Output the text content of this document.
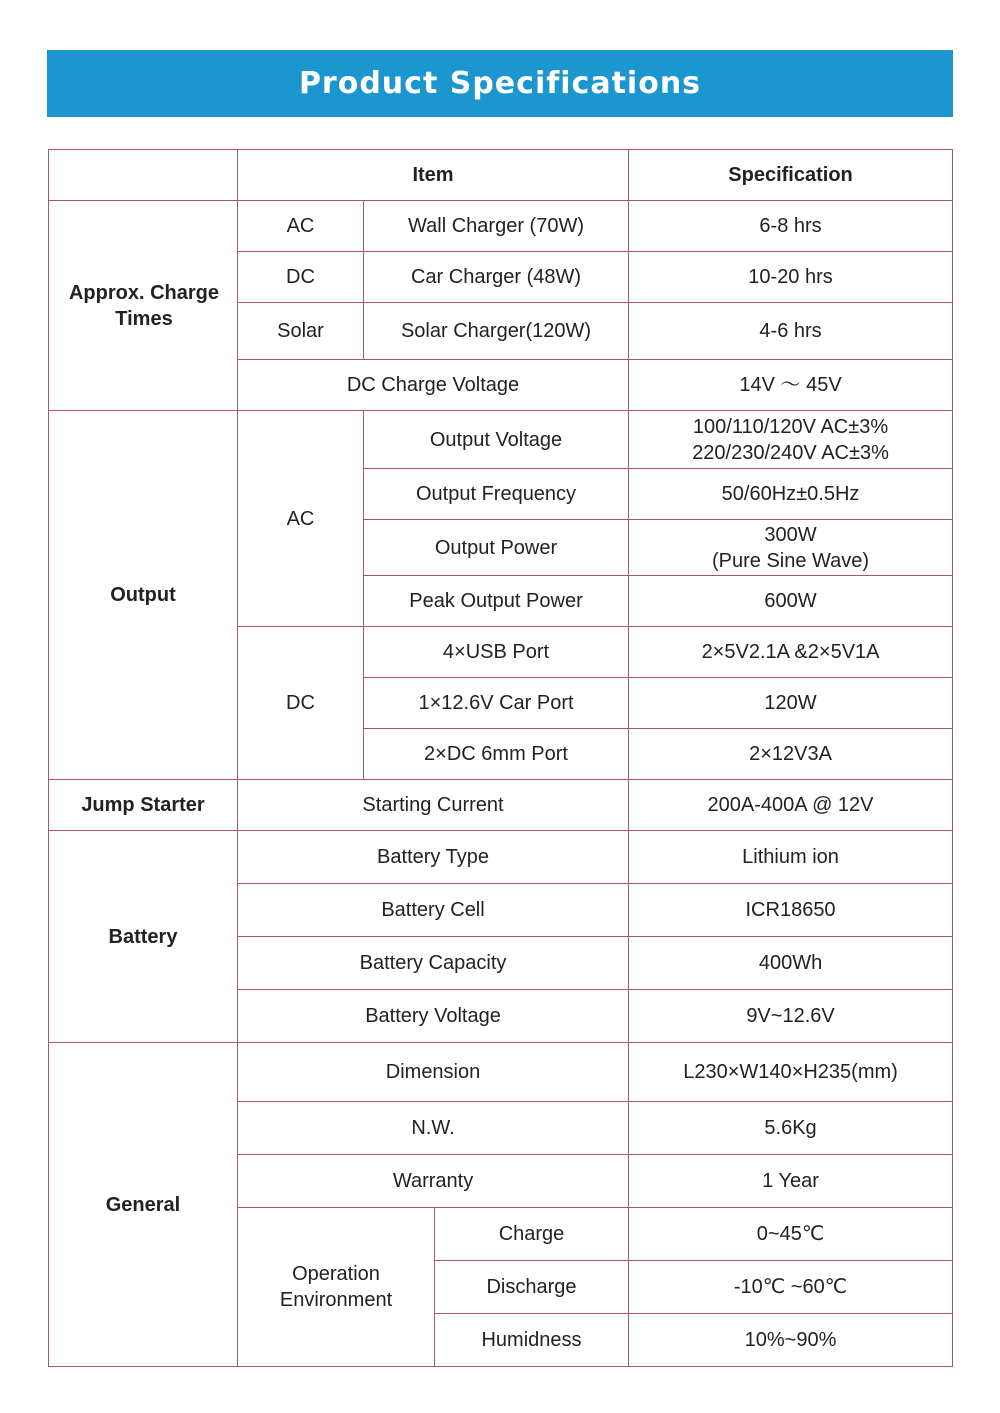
Product Specifications
	Item			Specification
Approx. Charge
Times	AC	Wall Charger (70W)		6-8 hrs
	DC	Car Charger (48W)		10-20 hrs
	Solar	Solar Charger(120W)		4-6 hrs
	DC Charge Voltage			14V ～ 45V
Output	AC	Output Voltage		100/110/120V AC±3%
220/230/240V AC±3%
		Output Frequency		50/60Hz±0.5Hz
		Output Power		300W
(Pure Sine Wave)
		Peak Output Power		600W
	DC	4×USB Port		2×5V2.1A &2×5V1A
		1×12.6V Car Port		120W
		2×DC 6mm Port		2×12V3A
Jump Starter	Starting Current			200A-400A @ 12V
Battery	Battery Type			Lithium ion
	Battery Cell			ICR18650
	Battery Capacity			400Wh
	Battery Voltage			9V~12.6V
General	Dimension			L230×W140×H235(mm)
	N.W.			5.6Kg
	Warranty			1 Year
	Operation
Environment		Charge	0~45℃
			Discharge	-10℃ ~60℃
			Humidness	10%~90%
